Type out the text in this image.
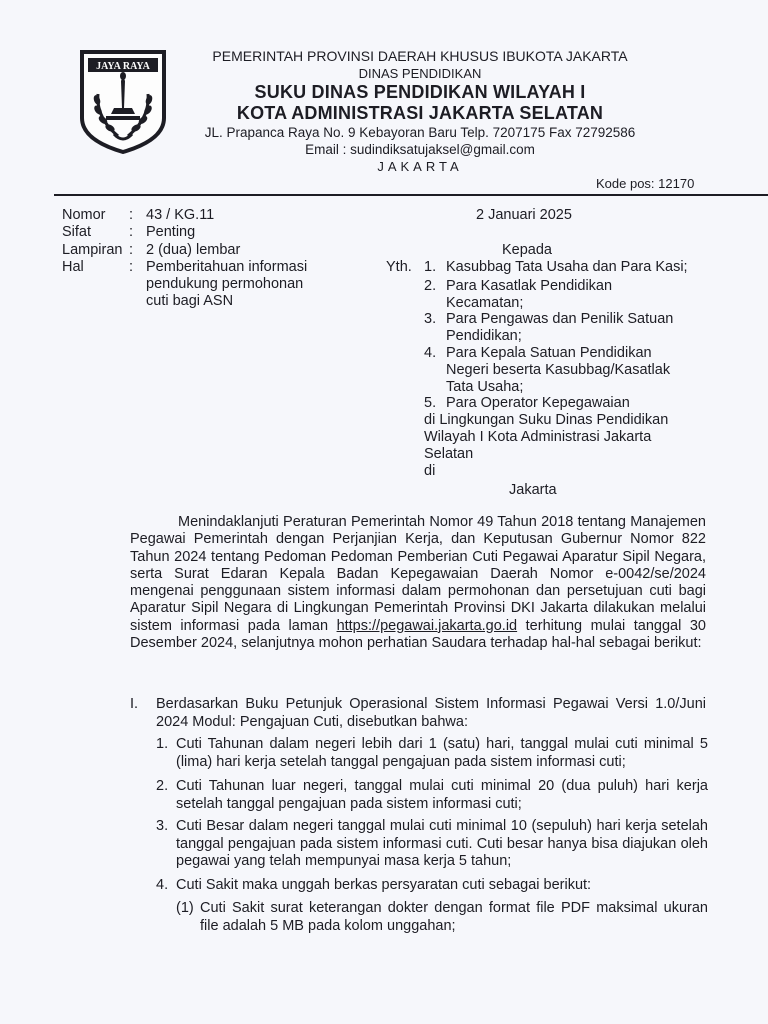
JAYA RAYA
PEMERINTAH PROVINSI DAERAH KHUSUS IBUKOTA JAKARTA
DINAS PENDIDIKAN
SUKU DINAS PENDIDIKAN WILAYAH I
KOTA ADMINISTRASI JAKARTA SELATAN
JL. Prapanca Raya No. 9 Kebayoran Baru Telp. 7207175 Fax 72792586
Email : sudindiksatujaksel@gmail.com
JAKARTA
Kode pos: 12170
Nomor : 43 / KG.11
Sifat	: Penting
Lampiran : 2 (dua) lembar
Hal	: Pemberitahuan informasi
pendukung permohonan
cuti bagi ASN
2 Januari 2025
Kepada
Yth. 1. Kasubbag Tata Usaha dan Para Kasi;
2. Para Kasatlak Pendidikan
Kecamatan;
3. Para Pengawas dan Penilik Satuan
Pendidikan;
4. Para Kepala Satuan Pendidikan
Negeri beserta Kasubbag/Kasatlak
Tata Usaha;
5. Para Operator Kepegawaian
di Lingkungan Suku Dinas Pendidikan
Wilayah I Kota Administrasi Jakarta
Selatan
di
Jakarta
Menindaklanjuti Peraturan Pemerintah Nomor 49 Tahun 2018 tentang Manajemen Pegawai Pemerintah dengan Perjanjian Kerja, dan Keputusan Gubernur Nomor 822 Tahun 2024 tentang Pedoman Pedoman Pemberian Cuti Pegawai Aparatur Sipil Negara, serta Surat Edaran Kepala Badan Kepegawaian Daerah Nomor e-0042/se/2024 mengenai penggunaan sistem informasi dalam permohonan dan persetujuan cuti bagi Aparatur Sipil Negara di Lingkungan Pemerintah Provinsi DKI Jakarta dilakukan melalui sistem informasi pada laman https://pegawai.jakarta.go.id terhitung mulai tanggal 30 Desember 2024, selanjutnya mohon perhatian Saudara terhadap hal-hal sebagai berikut:
I. Berdasarkan Buku Petunjuk Operasional Sistem Informasi Pegawai Versi 1.0/Juni 2024 Modul: Pengajuan Cuti, disebutkan bahwa:
1. Cuti Tahunan dalam negeri lebih dari 1 (satu) hari, tanggal mulai cuti minimal 5 (lima) hari kerja setelah tanggal pengajuan pada sistem informasi cuti;
2. Cuti Tahunan luar negeri, tanggal mulai cuti minimal 20 (dua puluh) hari kerja setelah tanggal pengajuan pada sistem informasi cuti;
3. Cuti Besar dalam negeri tanggal mulai cuti minimal 10 (sepuluh) hari kerja setelah tanggal pengajuan pada sistem informasi cuti. Cuti besar hanya bisa diajukan oleh pegawai yang telah mempunyai masa kerja 5 tahun;
4. Cuti Sakit maka unggah berkas persyaratan cuti sebagai berikut:
(1) Cuti Sakit surat keterangan dokter dengan format file PDF maksimal ukuran file adalah 5 MB pada kolom unggahan;
